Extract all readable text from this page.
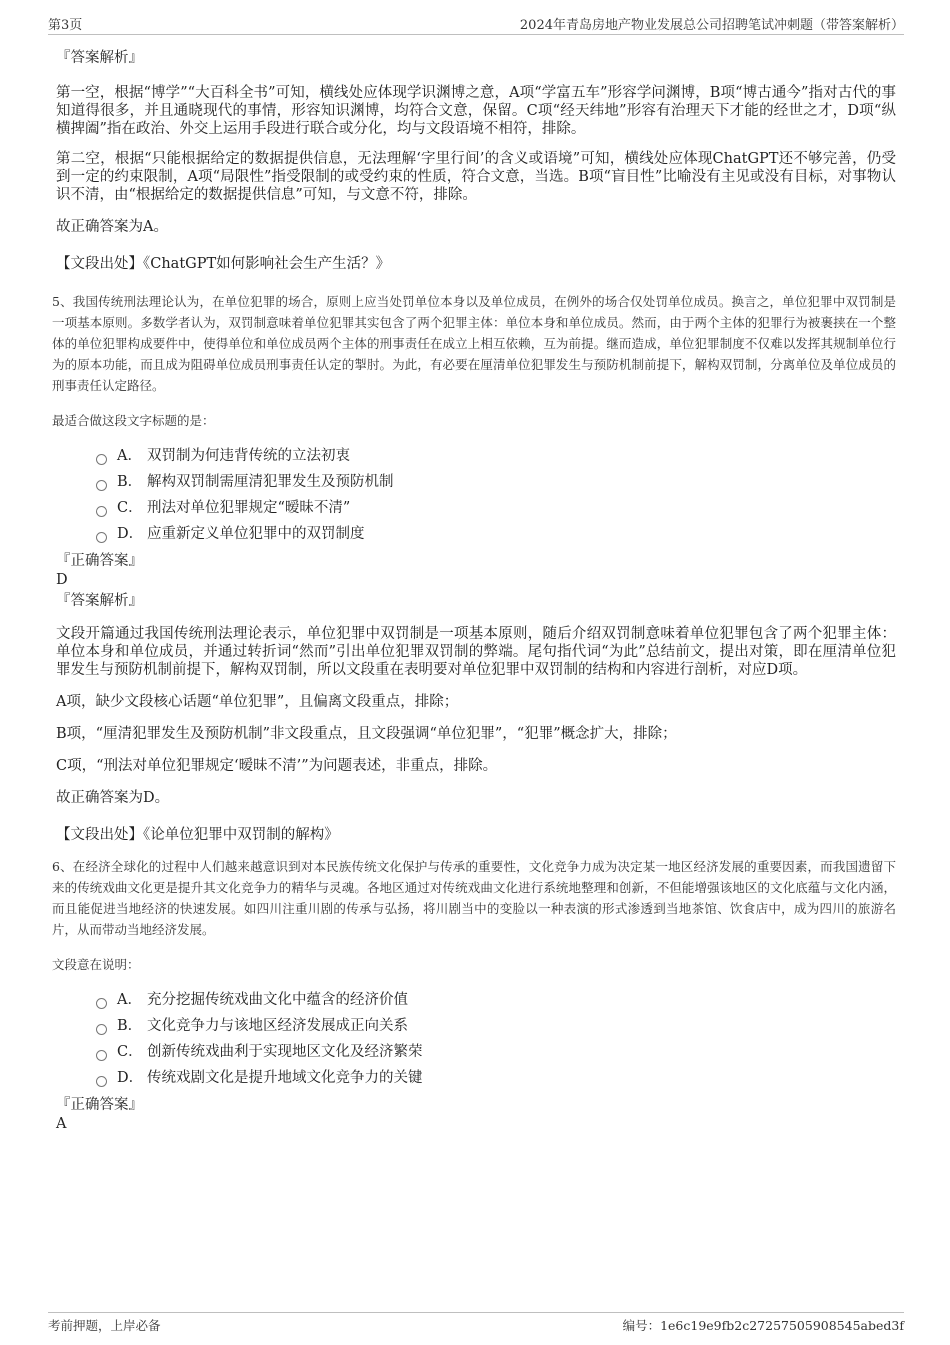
第3页	2024年青岛房地产物业发展总公司招聘笔试冲刺题（带答案解析）

『答案解析』

第一空，根据“博学”“大百科全书”可知，横线处应体现学识渊博之意，A项“学富五车”形容学问渊博，B项“博古通今”指对古代的事知道得很多，并且通晓现代的事情，形容知识渊博，均符合文意，保留。C项“经天纬地”形容有治理天下才能的经世之才，D项“纵横捭阖”指在政治、外交上运用手段进行联合或分化，均与文段语境不相符，排除。

第二空，根据“只能根据给定的数据提供信息，无法理解‘字里行间’的含义或语境”可知，横线处应体现ChatGPT还不够完善，仍受到一定的约束限制，A项“局限性”指受限制的或受约束的性质，符合文意，当选。B项“盲目性”比喻没有主见或没有目标，对事物认识不清，由“根据给定的数据提供信息”可知，与文意不符，排除。

故正确答案为A。

【文段出处】《ChatGPT如何影响社会生产生活？》

5、我国传统刑法理论认为，在单位犯罪的场合，原则上应当处罚单位本身以及单位成员，在例外的场合仅处罚单位成员。换言之，单位犯罪中双罚制是一项基本原则。多数学者认为，双罚制意味着单位犯罪其实包含了两个犯罪主体：单位本身和单位成员。然而，由于两个主体的犯罪行为被裹挟在一个整体的单位犯罪构成要件中，使得单位和单位成员两个主体的刑事责任在成立上相互依赖，互为前提。继而造成，单位犯罪制度不仅难以发挥其规制单位行为的原本功能，而且成为阻碍单位成员刑事责任认定的掣肘。为此，有必要在厘清单位犯罪发生与预防机制前提下，解构双罚制，分离单位及单位成员的刑事责任认定路径。

最适合做这段文字标题的是：

A． 双罚制为何违背传统的立法初衷
B． 解构双罚制需厘清犯罪发生及预防机制
C． 刑法对单位犯罪规定“暧昧不清”
D． 应重新定义单位犯罪中的双罚制度

『正确答案』

D

『答案解析』

文段开篇通过我国传统刑法理论表示，单位犯罪中双罚制是一项基本原则，随后介绍双罚制意味着单位犯罪包含了两个犯罪主体：单位本身和单位成员，并通过转折词“然而”引出单位犯罪双罚制的弊端。尾句指代词“为此”总结前文，提出对策，即在厘清单位犯罪发生与预防机制前提下，解构双罚制，所以文段重在表明要对单位犯罪中双罚制的结构和内容进行剖析，对应D项。

A项，缺少文段核心话题“单位犯罪”，且偏离文段重点，排除；

B项，“厘清犯罪发生及预防机制”非文段重点，且文段强调“单位犯罪”，“犯罪”概念扩大，排除；

C项，“刑法对单位犯罪规定‘暧昧不清’”为问题表述，非重点，排除。

故正确答案为D。

【文段出处】《论单位犯罪中双罚制的解构》

6、在经济全球化的过程中人们越来越意识到对本民族传统文化保护与传承的重要性，文化竞争力成为决定某一地区经济发展的重要因素，而我国遗留下来的传统戏曲文化更是提升其文化竞争力的精华与灵魂。各地区通过对传统戏曲文化进行系统地整理和创新，不但能增强该地区的文化底蕴与文化内涵，而且能促进当地经济的快速发展。如四川注重川剧的传承与弘扬，将川剧当中的变脸以一种表演的形式渗透到当地茶馆、饮食店中，成为四川的旅游名片，从而带动当地经济发展。

文段意在说明：

A． 充分挖掘传统戏曲文化中蕴含的经济价值
B． 文化竞争力与该地区经济发展成正向关系
C． 创新传统戏曲利于实现地区文化及经济繁荣
D． 传统戏剧文化是提升地域文化竞争力的关键

『正确答案』

A

考前押题，上岸必备	编号：1e6c19e9fb2c27257505908545abed3f
